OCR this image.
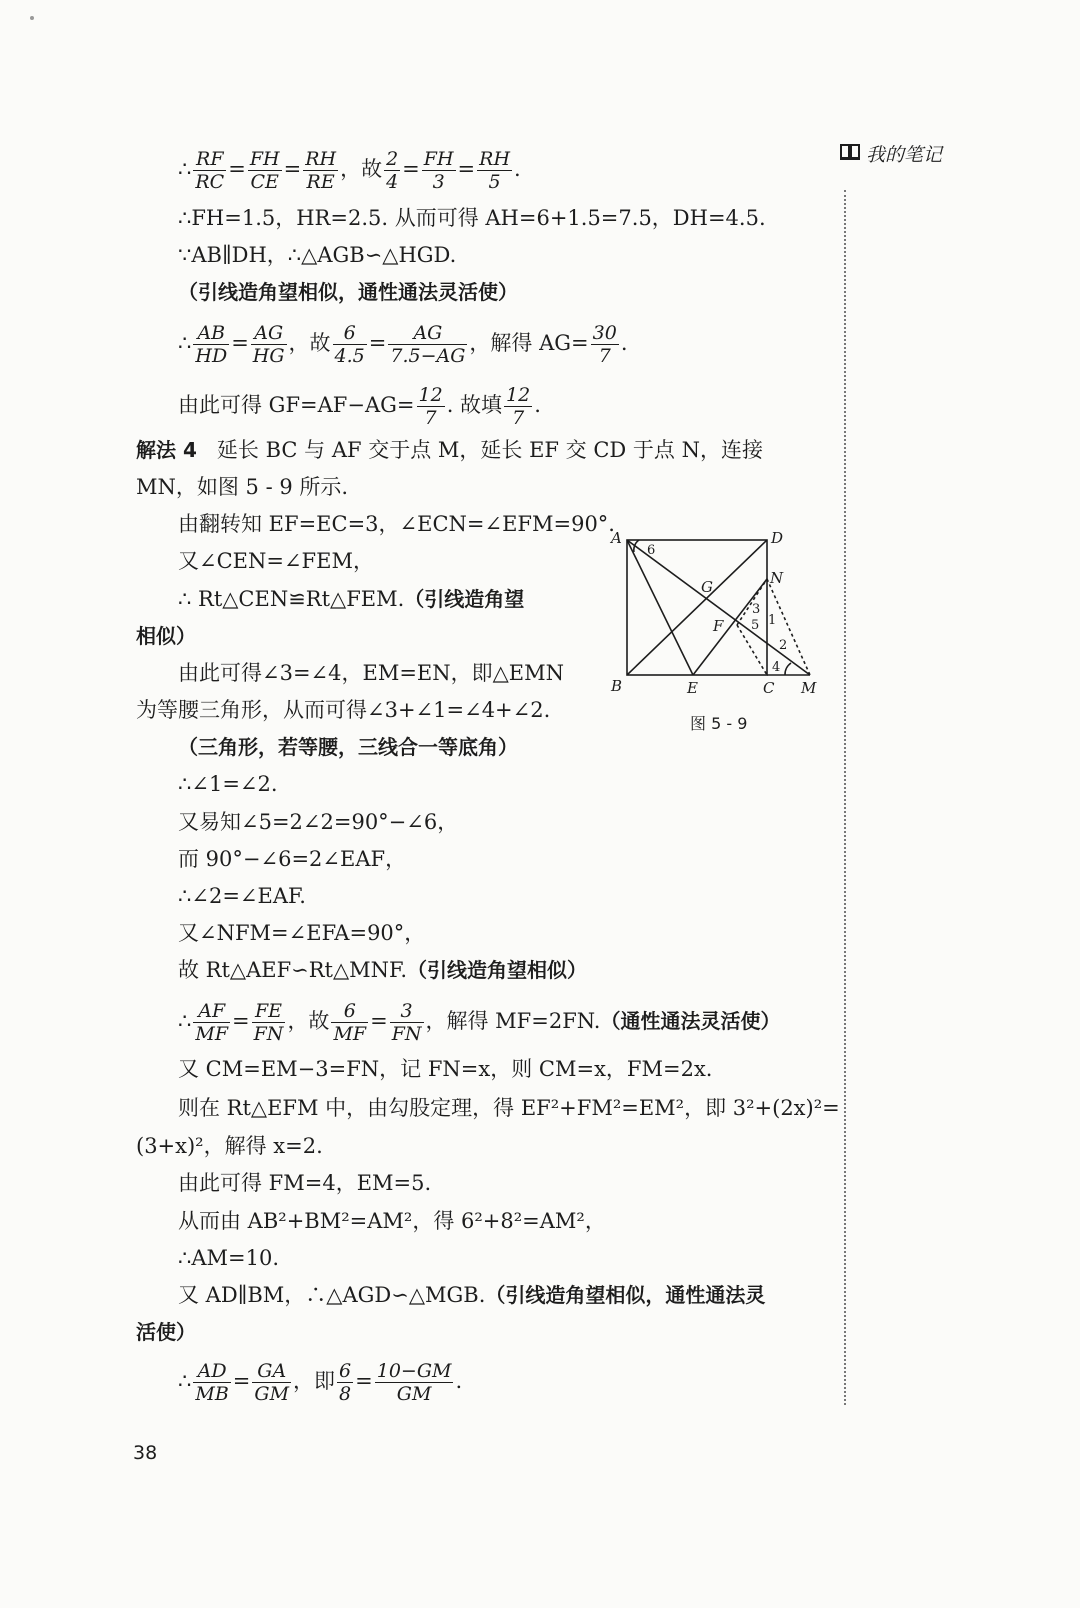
我的笔记
∴ $\frac{RF}{RC} = \frac{FH}{CE} = \frac{RH}{RE}$ ，故 $\frac{2}{4} = \frac{FH}{3} = \frac{RH}{5}$ .
∴FH=1.5，HR=2.5. 从而可得 AH=6+1.5=7.5，DH=4.5.
∵AB∥DH，∴△AGB∽△HGD.
（引线造角望相似，通性通法灵活使）
∴ $\frac{AB}{HD} = \frac{AG}{HG}$ ，故 $\frac{6}{4.5} = \frac{AG}{7.5-AG}$ ，解得 $AG= \frac{30}{7}$ .
由此可得 $GF=AF-AG= \frac{12}{7}$ . 故填 $\frac{12}{7}$ .
解法 4 延长 BC 与 AF 交于点 M，延长 EF 交 CD 于点 N，连接
MN，如图 5 - 9 所示.
由翻转知 EF=EC=3，∠ECN=∠EFM=90°.
又∠CEN=∠FEM，
∴ Rt△CEN≌Rt△FEM.（引线造角望
相似）
由此可得∠3=∠4，EM=EN，即△EMN
为等腰三角形，从而可得∠3+∠1=∠4+∠2.
（三角形，若等腰，三线合一等底角）
∴∠1=∠2.
又易知∠5=2∠2=90°−∠6，
而 90°−∠6=2∠EAF，
∴∠2=∠EAF.
又∠NFM=∠EFA=90°，
故 Rt△AEF∽Rt△MNF.（引线造角望相似）
∴ $\frac{AF}{MF} = \frac{FE}{FN}$ ，故 $\frac{6}{MF} = \frac{3}{FN}$ ，解得 MF=2FN.（通性通法灵活使）
又 CM=EM−3=FN，记 FN=x，则 CM=x，FM=2x.
则在 Rt△EFM 中，由勾股定理，得 EF²+FM²=EM²，即 3²+(2x)²=
(3+x)²，解得 x=2.
由此可得 FM=4，EM=5.
从而由 AB²+BM²=AM²，得 6²+8²=AM²，
∴AM=10.
又 AD∥BM，∴△AGD∽△MGB.（引线造角望相似，通性通法灵
活使）
∴ $\frac{AD}{MB} = \frac{GA}{GM}$ ，即 $\frac{6}{8} = \frac{10-GM}{GM}$ .
A	D
B	E	C M
N
G
F
6
3
5 1
2
4
图 5 - 9
38
